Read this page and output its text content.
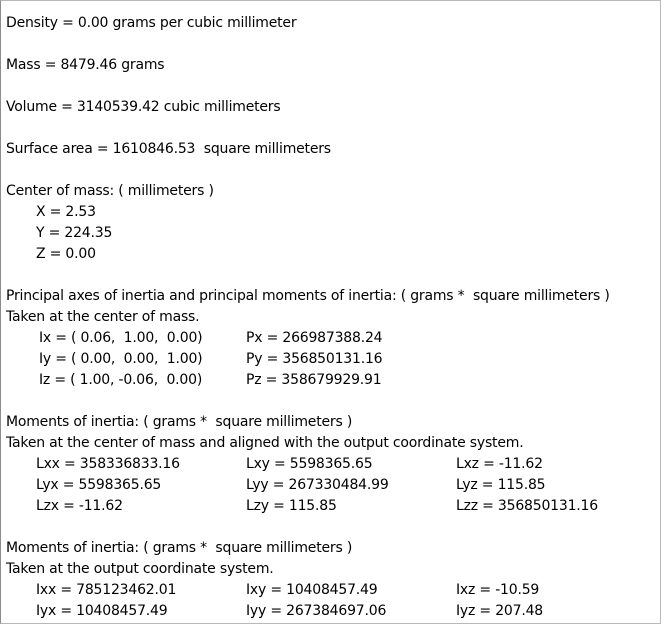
Density = 0.00 grams per cubic millimeter
Mass = 8479.46 grams
Volume = 3140539.42 cubic millimeters
Surface area = 1610846.53  square millimeters
Center of mass: ( millimeters )
X = 2.53
Y = 224.35
Z = 0.00
Principal axes of inertia and principal moments of inertia: ( grams *  square millimeters )
Taken at the center of mass.
Ix = ( 0.06,  1.00,  0.00)	Px = 266987388.24
Iy = ( 0.00,  0.00,  1.00)	Py = 356850131.16
Iz = ( 1.00, -0.06,  0.00)	Pz = 358679929.91
Moments of inertia: ( grams *  square millimeters )
Taken at the center of mass and aligned with the output coordinate system.
Lxx = 358336833.16	Lxy = 5598365.65	Lxz = -11.62
Lyx = 5598365.65	Lyy = 267330484.99	Lyz = 115.85
Lzx = -11.62	Lzy = 115.85	Lzz = 356850131.16
Moments of inertia: ( grams *  square millimeters )
Taken at the output coordinate system.
Ixx = 785123462.01	Ixy = 10408457.49	Ixz = -10.59
Iyx = 10408457.49	Iyy = 267384697.06	Iyz = 207.48
